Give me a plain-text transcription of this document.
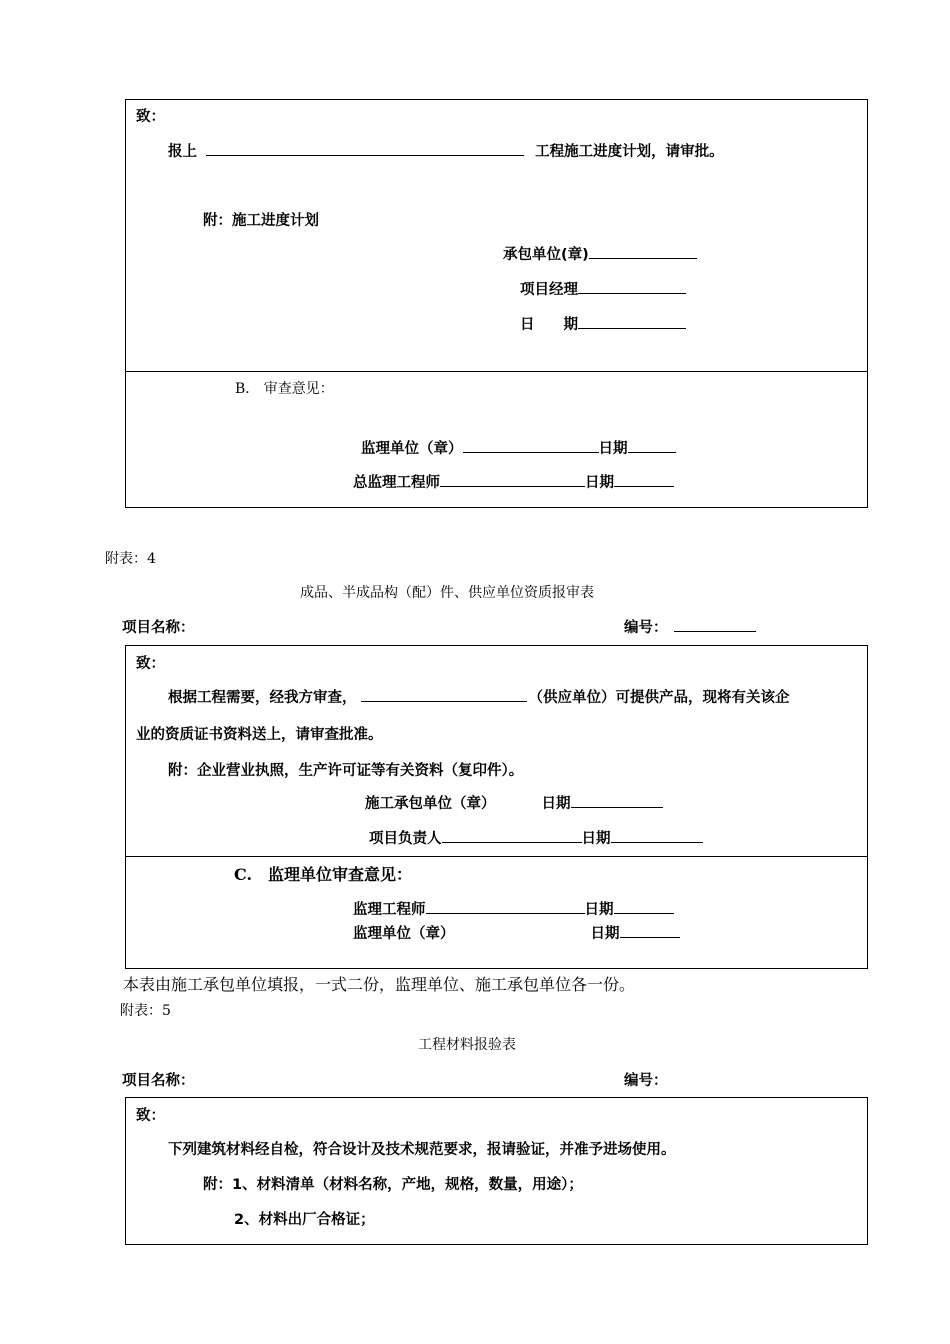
致：
报上	工程施工进度计划，请审批。
附：施工进度计划
承包单位(章)
项目经理
日　　期
B.　审查意见：
监理单位（章）	日期
总监理工程师	日期
附表：4
成品、半成品构（配）件、供应单位资质报审表
项目名称：	编号：
致：
根据工程需要，经我方审查，	（供应单位）可提供产品，现将有关该企
业的资质证书资料送上，请审查批准。
附：企业营业执照，生产许可证等有关资料（复印件）。
施工承包单位（章）	日期
项目负责人	日期
C.　监理单位审查意见：
监理工程师	日期
监理单位（章）	日期
本表由施工承包单位填报，一式二份，监理单位、施工承包单位各一份。
附表：5
工程材料报验表
项目名称：	编号：
致：
下列建筑材料经自检，符合设计及技术规范要求，报请验证，并准予进场使用。
附：1、材料清单（材料名称，产地，规格，数量，用途）；
2、材料出厂合格证；
